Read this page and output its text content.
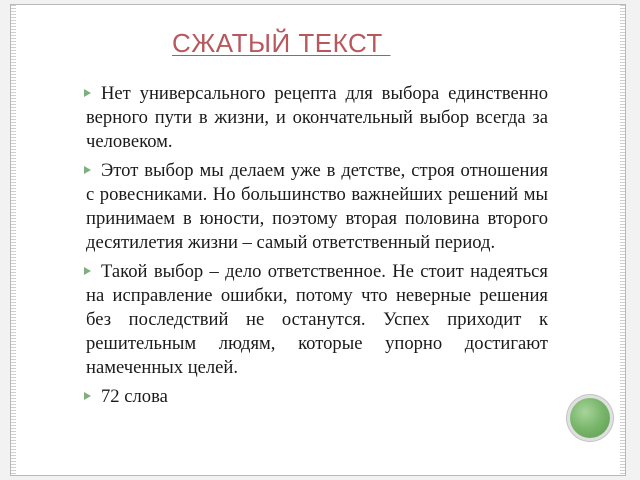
СЖАТЫЙ ТЕКСТ
Нет универсального рецепта для выбора единственно верного пути в жизни, и окончательный выбор всегда за человеком.
Этот выбор мы делаем уже в детстве, строя отношения с ровесниками. Но большинство важнейших решений мы принимаем в юности, поэтому вторая половина второго десятилетия жизни – самый ответственный период.
Такой выбор – дело ответственное. Не стоит надеяться на исправление ошибки, потому что неверные решения без последствий не останутся. Успех приходит к решительным людям, которые упорно достигают намеченных целей.
72 слова
